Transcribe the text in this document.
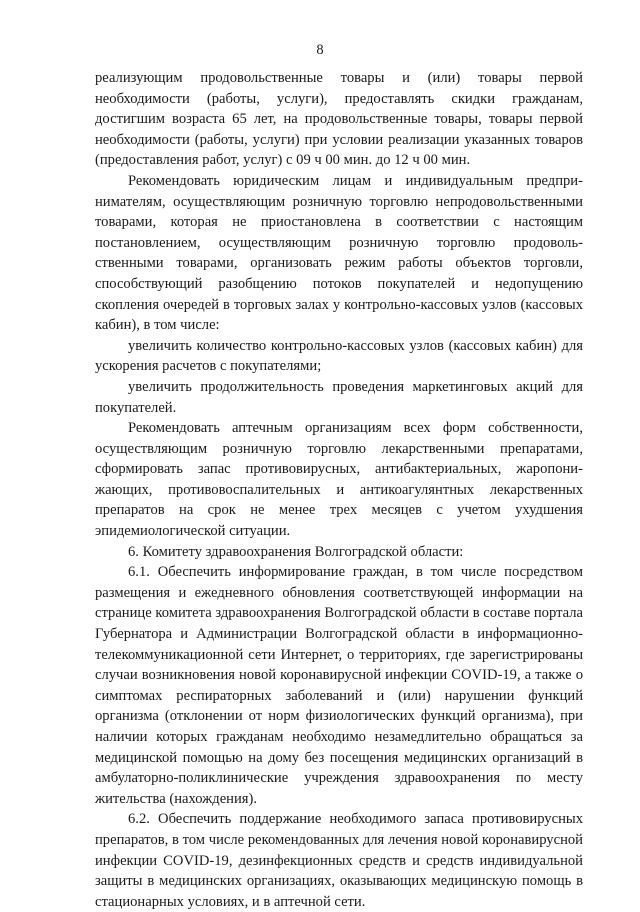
8

реализующим продовольственные товары и (или) товары первой необходимости (работы, услуги), предоставлять скидки гражданам, достигшим возраста 65 лет, на продовольственные товары, товары первой необходимости (работы, услуги) при условии реализации указанных товаров (предоставления работ, услуг) с 09 ч 00 мин. до 12 ч 00 мин.

Рекомендовать юридическим лицам и индивидуальным предпринимателям, осуществляющим розничную торговлю непродовольственными товарами, которая не приостановлена в соответствии с настоящим постановлением, осуществляющим розничную торговлю продовольственными товарами, организовать режим работы объектов торговли, способствующий разобщению потоков покупателей и недопущению скопления очередей в торговых залах у контрольно-кассовых узлов (кассовых кабин), в том числе:

увеличить количество контрольно-кассовых узлов (кассовых кабин) для ускорения расчетов с покупателями;

увеличить продолжительность проведения маркетинговых акций для покупателей.

Рекомендовать аптечным организациям всех форм собственности, осуществляющим розничную торговлю лекарственными препаратами, сформировать запас противовирусных, антибактериальных, жаропонижающих, противовоспалительных и антикоагулянтных лекарственных препаратов на срок не менее трех месяцев с учетом ухудшения эпидемиологической ситуации.

6. Комитету здравоохранения Волгоградской области:

6.1. Обеспечить информирование граждан, в том числе посредством размещения и ежедневного обновления соответствующей информации на странице комитета здравоохранения Волгоградской области в составе портала Губернатора и Администрации Волгоградской области в информационно-телекоммуникационной сети Интернет, о территориях, где зарегистрированы случаи возникновения новой коронавирусной инфекции COVID-19, а также о симптомах респираторных заболеваний и (или) нарушении функций организма (отклонении от норм физиологических функций организма), при наличии которых гражданам необходимо незамедлительно обращаться за медицинской помощью на дому без посещения медицинских организаций в амбулаторно-поликлинические учреждения здравоохранения по месту жительства (нахождения).

6.2. Обеспечить поддержание необходимого запаса противовирусных препаратов, в том числе рекомендованных для лечения новой коронавирусной инфекции COVID-19, дезинфекционных средств и средств индивидуальной защиты в медицинских организациях, оказывающих медицинскую помощь в стационарных условиях, и в аптечной сети.
